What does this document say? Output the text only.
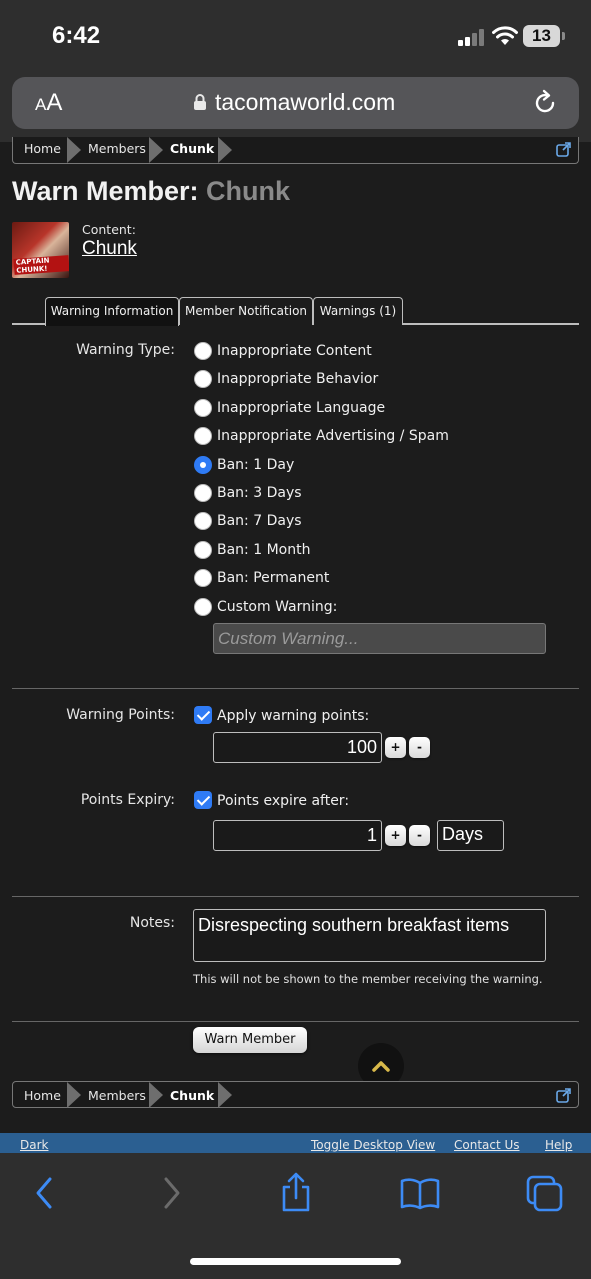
6:42	13
AA	tacomaworld.com
Home Members Chunk
Warn Member: Chunk
CAPTAIN CHUNK!
Content:
Chunk
Warning Information Member Notification	Warnings (1)
Warning Type:	Inappropriate Content
Inappropriate Behavior
Inappropriate Language
Inappropriate Advertising / Spam
Ban: 1 Day
Ban: 3 Days
Ban: 7 Days
Ban: 1 Month
Ban: Permanent
Custom Warning:
Custom Warning...
Warning Points:	Apply warning points:
100	+	-
Points Expiry:	Points expire after:
1	+	-	Days
Notes: Disrespecting southern breakfast items
This will not be shown to the member receiving the warning.
Warn Member
Home Members Chunk
Dark	Toggle Desktop View Contact Us Help
